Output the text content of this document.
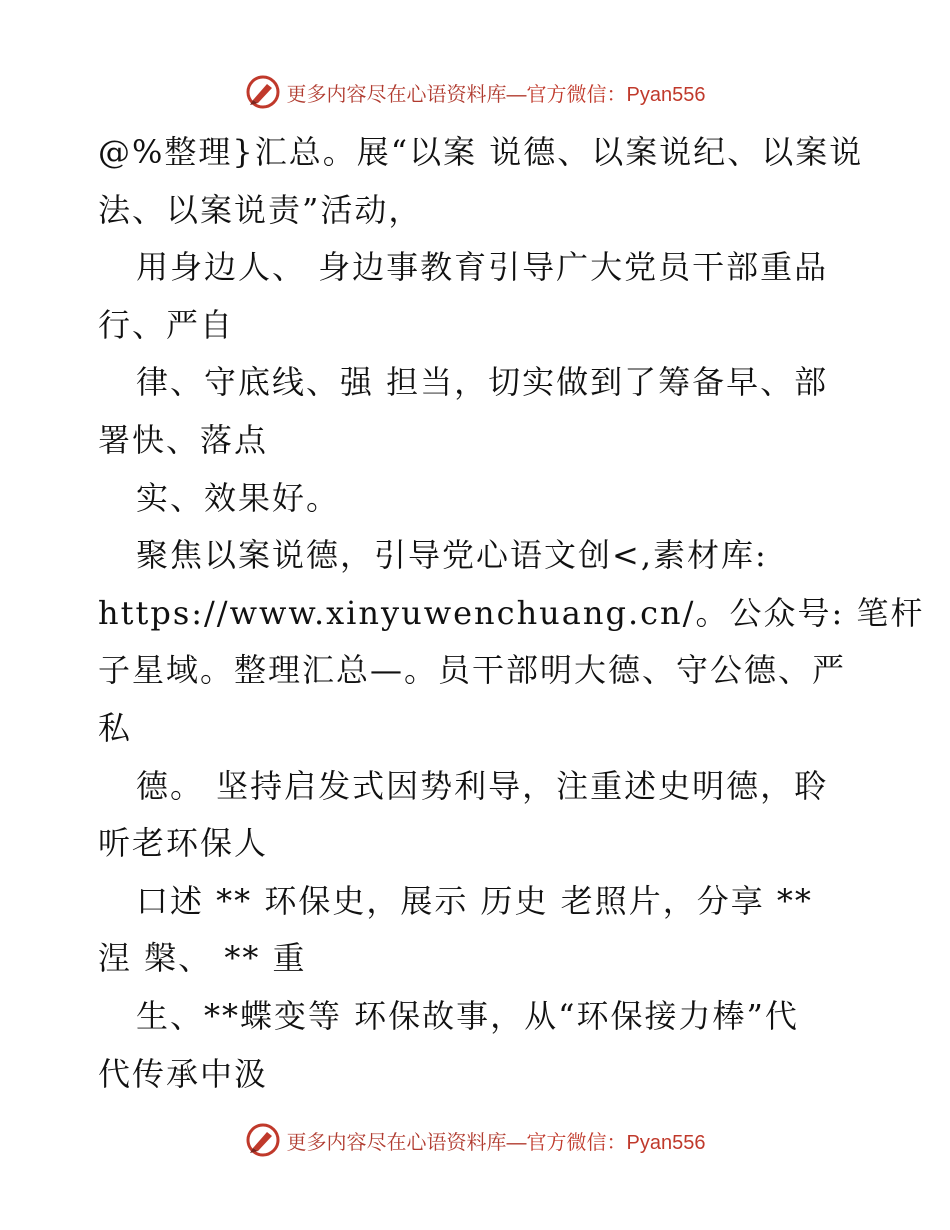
更多内容尽在心语资料库—官方微信：Pyan556
@%整理}汇总。展“以案 说德、以案说纪、以案说
法、以案说责”活动，
用身边人、 身边事教育引导广大党员干部重品
行、严自
律、守底线、强 担当，切实做到了筹备早、部
署快、落点
实、效果好。
聚焦以案说德，引导党心语文创<,素材库:
https://www.xinyuwenchuang.cn/。公众号: 笔杆
子星域。整理汇总—。员干部明大德、守公德、严
私
德。 坚持启发式因势利导，注重述史明德，聆
听老环保人
口述 ** 环保史，展示 历史 老照片，分享 **
涅 槃、 ** 重
生、**蝶变等 环保故事，从“环保接力棒”代
代传承中汲
更多内容尽在心语资料库—官方微信：Pyan556
